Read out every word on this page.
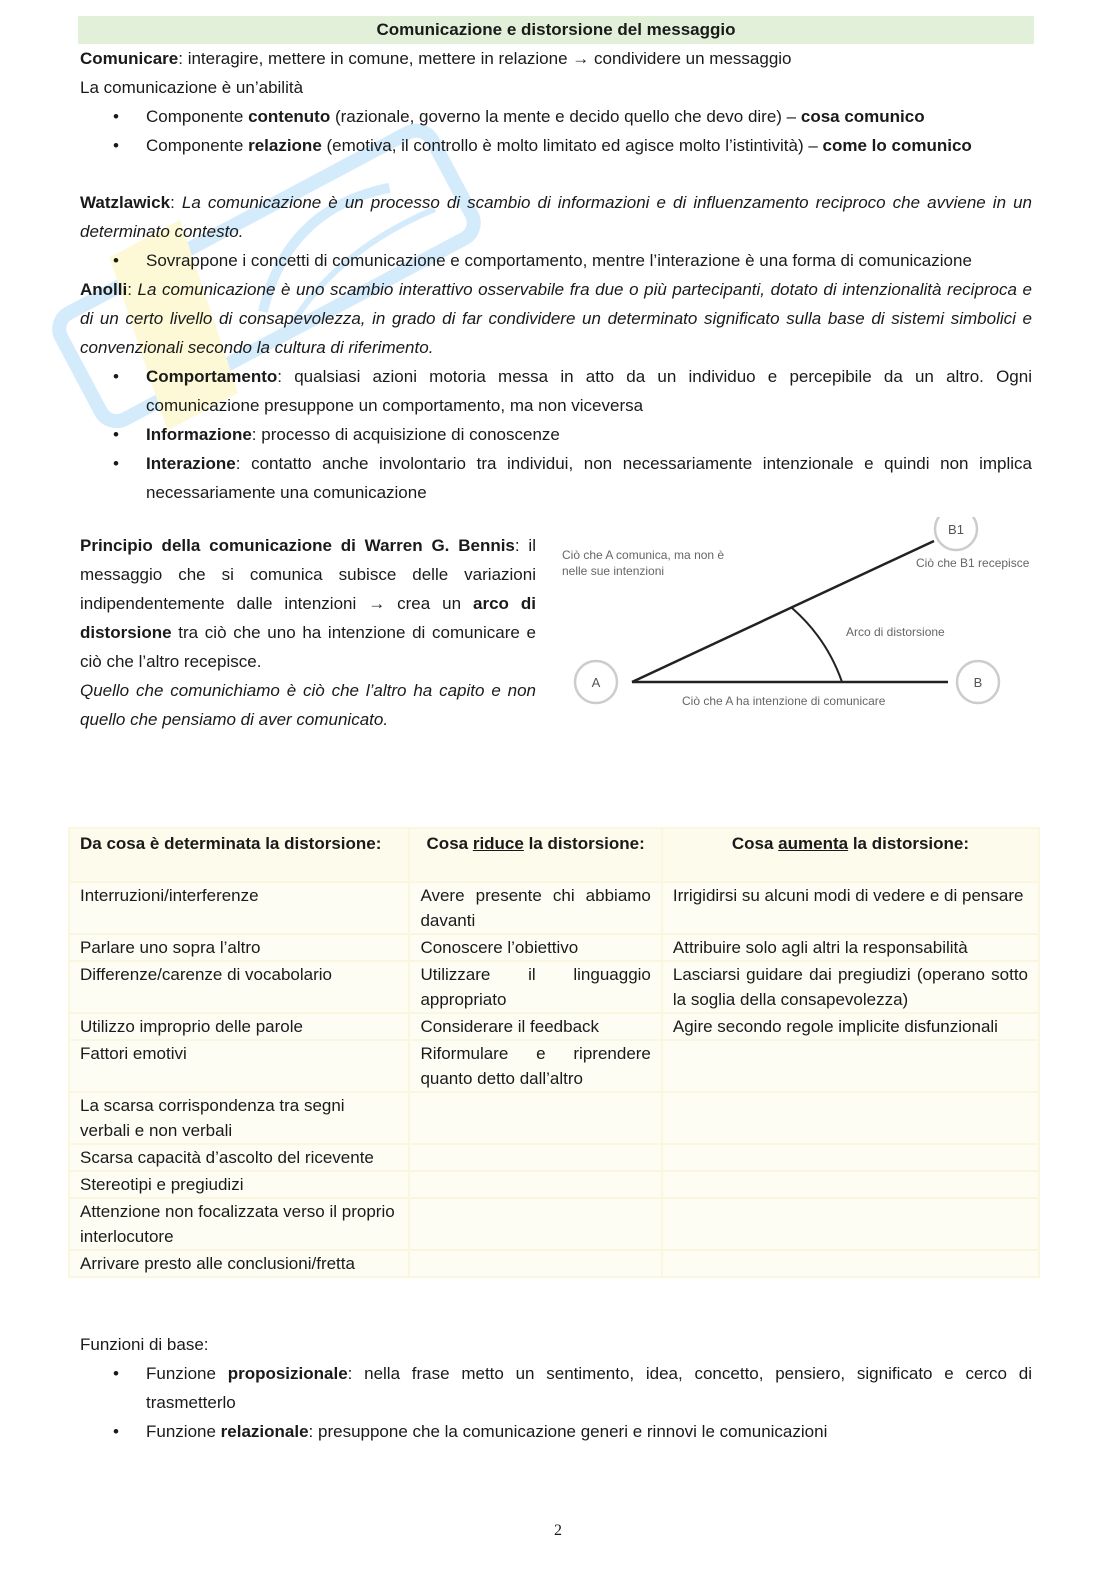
Comunicazione e distorsione del messaggio

Comunicare: interagire, mettere in comune, mettere in relazione → condividere un messaggio

La comunicazione è un’abilità

• Componente contenuto (razionale, governo la mente e decido quello che devo dire) – cosa comunico
• Componente relazione (emotiva, il controllo è molto limitato ed agisce molto l’istintività) – come lo comunico

Watzlawick: La comunicazione è un processo di scambio di informazioni e di influenzamento reciproco che avviene in un determinato contesto.

• Sovrappone i concetti di comunicazione e comportamento, mentre l’interazione è una forma di comunicazione

Anolli: La comunicazione è uno scambio interattivo osservabile fra due o più partecipanti, dotato di intenzionalità reciproca e di un certo livello di consapevolezza, in grado di far condividere un determinato significato sulla base di sistemi simbolici e convenzionali secondo la cultura di riferimento.

• Comportamento: qualsiasi azioni motoria messa in atto da un individuo e percepibile da un altro. Ogni comunicazione presuppone un comportamento, ma non viceversa
• Informazione: processo di acquisizione di conoscenze
• Interazione: contatto anche involontario tra individui, non necessariamente intenzionale e quindi non implica necessariamente una comunicazione

Principio della comunicazione di Warren G. Bennis: il messaggio che si comunica subisce delle variazioni indipendentemente dalle intenzioni → crea un arco di distorsione tra ciò che uno ha intenzione di comunicare e ciò che l’altro recepisce.
Quello che comunichiamo è ciò che l’altro ha capito e non quello che pensiamo di aver comunicato.

A	B
B1
Ciò che A comunica, ma non è
nelle sue intenzioni
Ciò che B1 recepisce
Arco di distorsione
Ciò che A ha intenzione di comunicare
Da cosa è determinata la distorsione:	Cosa riduce la distorsione:	Cosa aumenta la distorsione:
Interruzioni/interferenze	Avere presente chi abbiamo davanti	Irrigidirsi su alcuni modi di vedere e di pensare
Parlare uno sopra l’altro	Conoscere l’obiettivo	Attribuire solo agli altri la responsabilità
Differenze/carenze di vocabolario	Utilizzare il linguaggio appropriato	Lasciarsi guidare dai pregiudizi (operano sotto la soglia della consapevolezza)
Utilizzo improprio delle parole	Considerare il feedback	Agire secondo regole implicite disfunzionali
Fattori emotivi	Riformulare e riprendere quanto detto dall’altro	
La scarsa corrispondenza tra segni verbali e non verbali		
Scarsa capacità d’ascolto del ricevente		
Stereotipi e pregiudizi		
Attenzione non focalizzata verso il proprio interlocutore		
Arrivare presto alle conclusioni/fretta		

Funzioni di base:

• Funzione proposizionale: nella frase metto un sentimento, idea, concetto, pensiero, significato e cerco di trasmetterlo
• Funzione relazionale: presuppone che la comunicazione generi e rinnovi le comunicazioni
2
